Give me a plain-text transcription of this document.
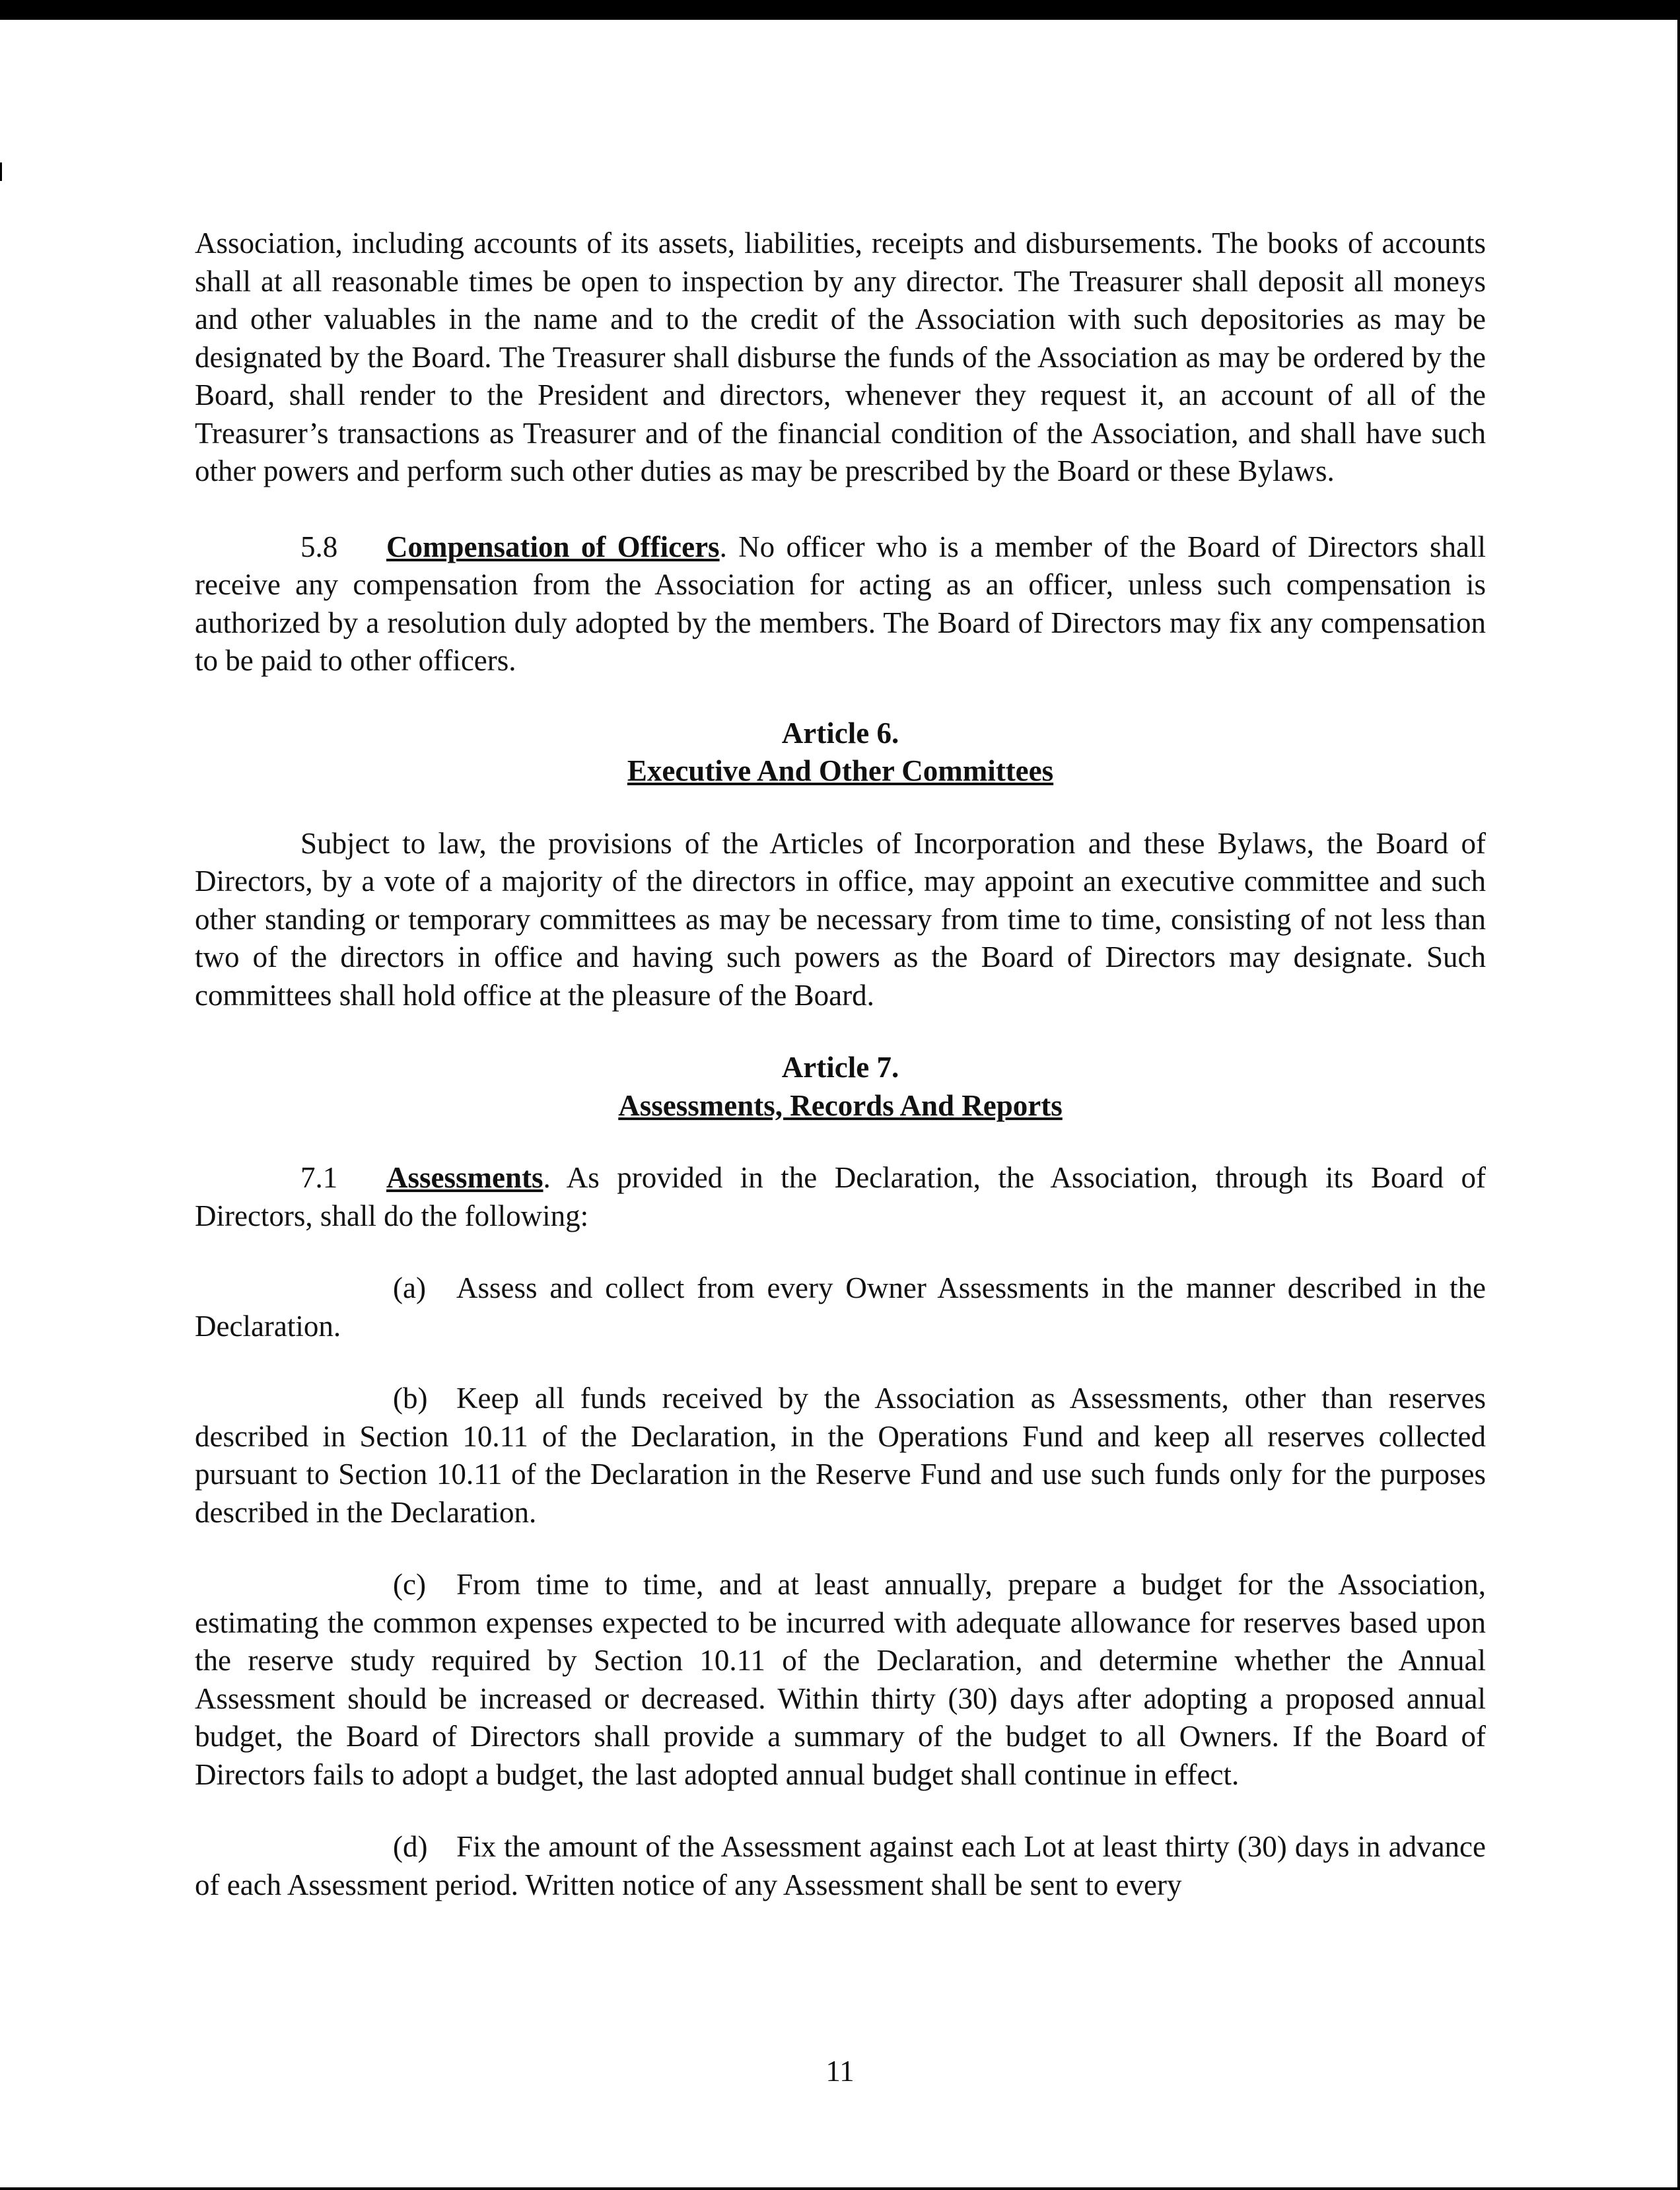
Association, including accounts of its assets, liabilities, receipts and disbursements. The books of accounts shall at all reasonable times be open to inspection by any director. The Treasurer shall deposit all moneys and other valuables in the name and to the credit of the Association with such depositories as may be designated by the Board. The Treasurer shall disburse the funds of the Association as may be ordered by the Board, shall render to the President and directors, whenever they request it, an account of all of the Treasurer’s transactions as Treasurer and of the financial condition of the Association, and shall have such other powers and perform such other duties as may be prescribed by the Board or these Bylaws.

5.8 Compensation of Officers. No officer who is a member of the Board of Directors shall receive any compensation from the Association for acting as an officer, unless such compensation is authorized by a resolution duly adopted by the members. The Board of Directors may fix any compensation to be paid to other officers.

Article 6.
Executive And Other Committees

Subject to law, the provisions of the Articles of Incorporation and these Bylaws, the Board of Directors, by a vote of a majority of the directors in office, may appoint an executive committee and such other standing or temporary committees as may be necessary from time to time, consisting of not less than two of the directors in office and having such powers as the Board of Directors may designate. Such committees shall hold office at the pleasure of the Board.

Article 7.
Assessments, Records And Reports

7.1 Assessments. As provided in the Declaration, the Association, through its Board of Directors, shall do the following:

(a) Assess and collect from every Owner Assessments in the manner described in the Declaration.

(b) Keep all funds received by the Association as Assessments, other than reserves described in Section 10.11 of the Declaration, in the Operations Fund and keep all reserves collected pursuant to Section 10.11 of the Declaration in the Reserve Fund and use such funds only for the purposes described in the Declaration.

(c) From time to time, and at least annually, prepare a budget for the Association, estimating the common expenses expected to be incurred with adequate allowance for reserves based upon the reserve study required by Section 10.11 of the Declaration, and determine whether the Annual Assessment should be increased or decreased. Within thirty (30) days after adopting a proposed annual budget, the Board of Directors shall provide a summary of the budget to all Owners. If the Board of Directors fails to adopt a budget, the last adopted annual budget shall continue in effect.

(d) Fix the amount of the Assessment against each Lot at least thirty (30) days in advance of each Assessment period. Written notice of any Assessment shall be sent to every

11
